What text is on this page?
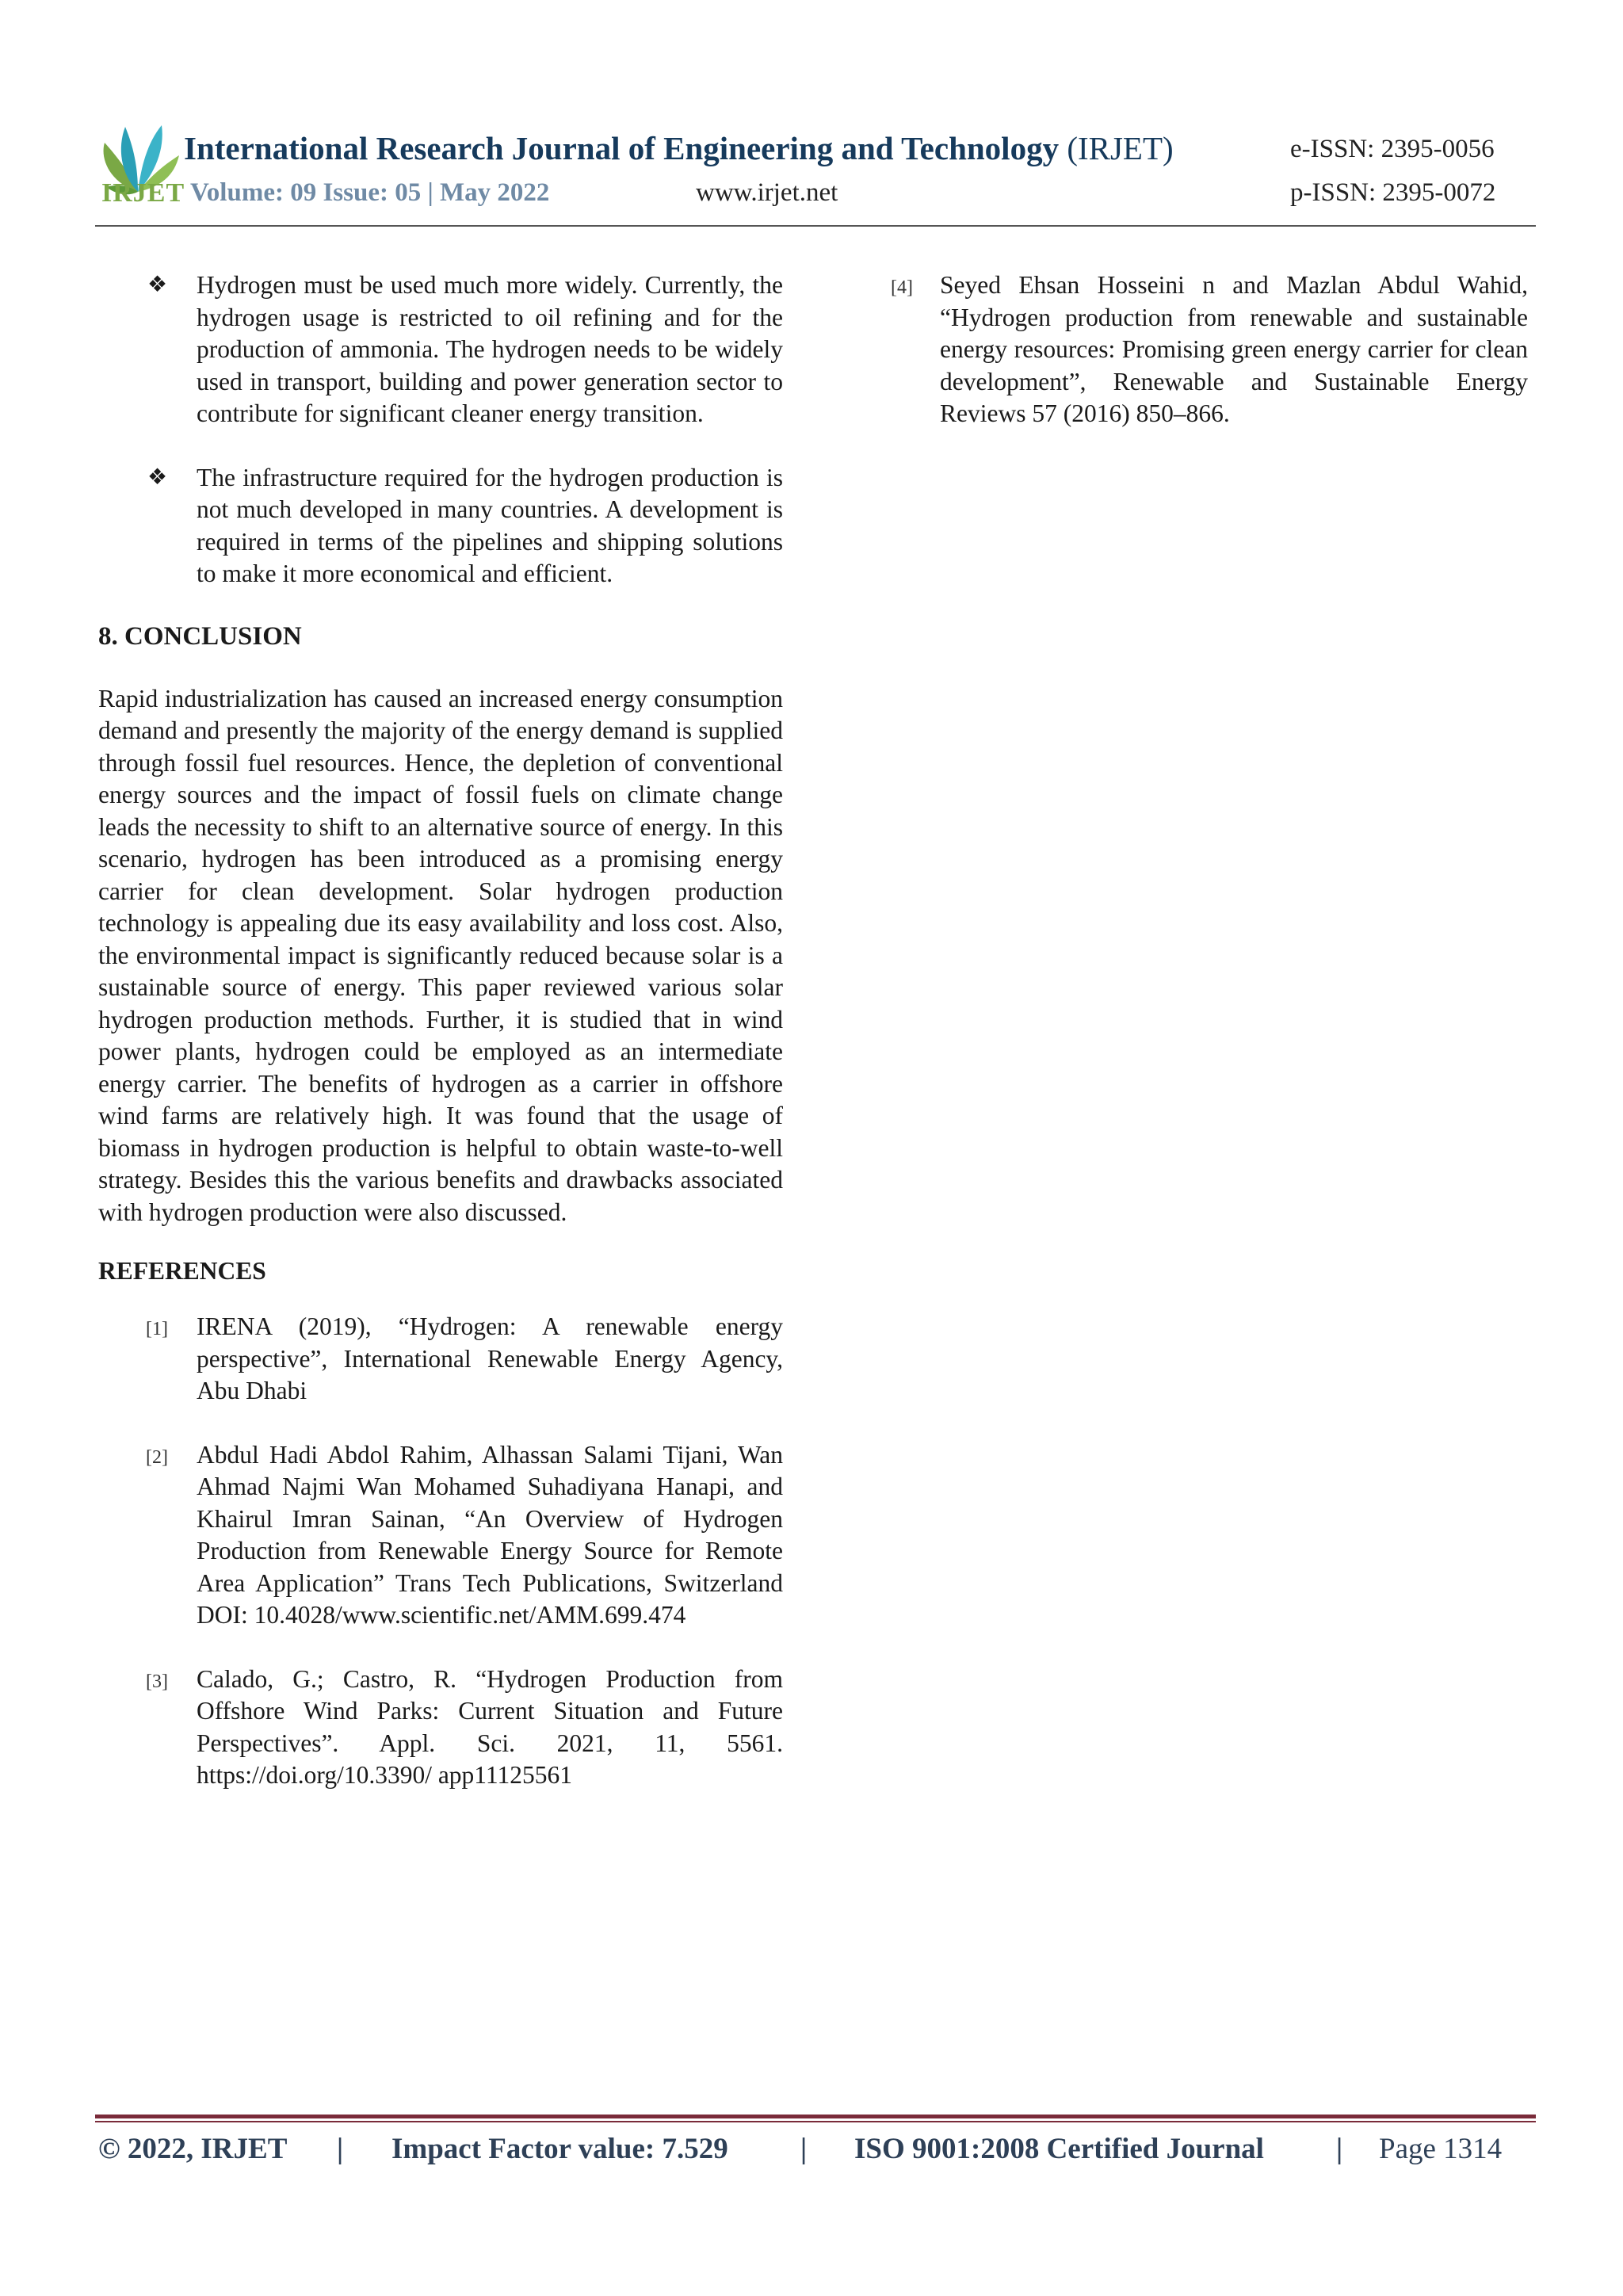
IRJET
International Research Journal of Engineering and Technology (IRJET)
Volume: 09 Issue: 05 | May 2022	www.irjet.net
e-ISSN: 2395-0056
p-ISSN: 2395-0072
❖ Hydrogen must be used much more widely. Currently, the hydrogen usage is restricted to oil refining and for the production of ammonia. The hydrogen needs to be widely used in transport, building and power generation sector to contribute for significant cleaner energy transition.

❖ The infrastructure required for the hydrogen production is not much developed in many countries. A development is required in terms of the pipelines and shipping solutions to make it more economical and efficient.

8. CONCLUSION

Rapid industrialization has caused an increased energy consumption demand and presently the majority of the energy demand is supplied through fossil fuel resources. Hence, the depletion of conventional energy sources and the impact of fossil fuels on climate change leads the necessity to shift to an alternative source of energy. In this scenario, hydrogen has been introduced as a promising energy carrier for clean development. Solar hydrogen production technology is appealing due its easy availability and loss cost. Also, the environmental impact is significantly reduced because solar is a sustainable source of energy. This paper reviewed various solar hydrogen production methods. Further, it is studied that in wind power plants, hydrogen could be employed as an intermediate energy carrier. The benefits of hydrogen as a carrier in offshore wind farms are relatively high. It was found that the usage of biomass in hydrogen production is helpful to obtain waste-to-well strategy. Besides this the various benefits and drawbacks associated with hydrogen production were also discussed.

REFERENCES
[1] IRENA (2019), “Hydrogen: A renewable energy perspective”, International Renewable Energy Agency, Abu Dhabi

[2] Abdul Hadi Abdol Rahim, Alhassan Salami Tijani, Wan Ahmad Najmi Wan Mohamed Suhadiyana Hanapi, and Khairul Imran Sainan, “An Overview of Hydrogen Production from Renewable Energy Source for Remote Area Application” Trans Tech Publications, Switzerland DOI: 10.4028/www.scientific.net/AMM.699.474

[3] Calado, G.; Castro, R. “Hydrogen Production from Offshore Wind Parks: Current Situation and Future Perspectives”. Appl. Sci. 2021, 11, 5561. https://doi.org/10.3390/ app11125561

[4] Seyed Ehsan Hosseini n and Mazlan Abdul Wahid, “Hydrogen production from renewable and sustainable energy resources: Promising green energy carrier for clean development”, Renewable and Sustainable Energy Reviews 57 (2016) 850–866.

© 2022, IRJET | Impact Factor value: 7.529 | ISO 9001:2008 Certified Journal | Page 1314
